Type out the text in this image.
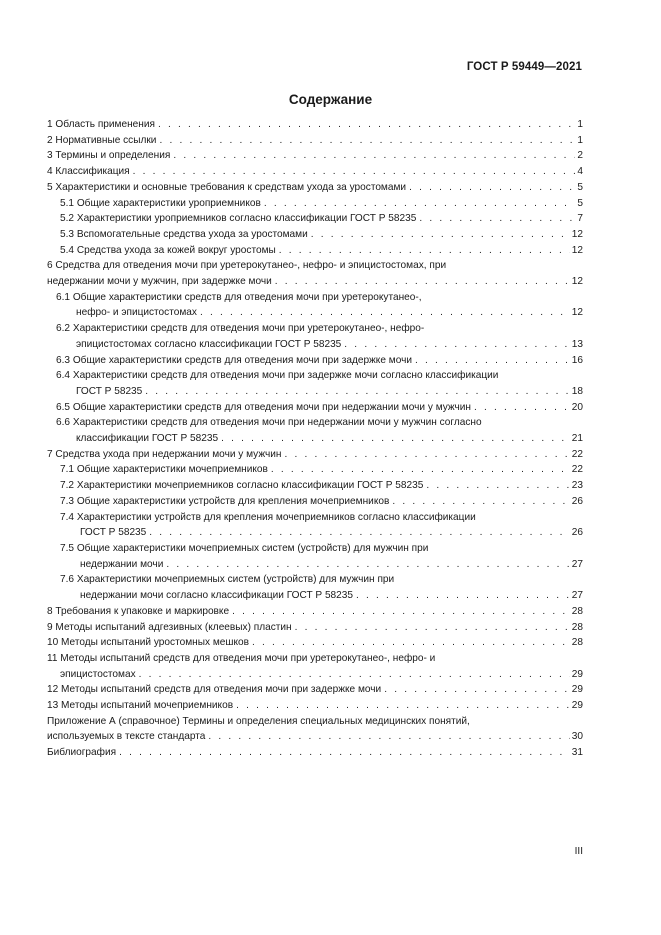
ГОСТ Р 59449—2021
Содержание
1 Область применения . . .	1
2 Нормативные ссылки . . .	1
3 Термины и определения . . .	2
4 Классификация . . .	4
5 Характеристики и основные требования к средствам ухода за уростомами . . .	5
5.1 Общие характеристики уроприемников . . .	5
5.2 Характеристики уроприемников согласно классификации ГОСТ Р 58235 . . .	7
5.3 Вспомогательные средства ухода за уростомами . . .	12
5.4 Средства ухода за кожей вокруг уростомы . . .	12
6 Средства для отведения мочи при уретерокутанео-, нефро- и эпицистостомах, при
недержании мочи у мужчин, при задержке мочи . . .	12
6.1 Общие характеристики средств для отведения мочи при уретерокутанео-,
нефро- и эпицистостомах . . .	12
6.2 Характеристики средств для отведения мочи при уретерокутанео-, нефро-
эпицистостомах согласно классификации ГОСТ Р 58235 . . .	13
6.3 Общие характеристики средств для отведения мочи при задержке мочи . . .	16
6.4 Характеристики средств для отведения мочи при задержке мочи согласно классификации
ГОСТ Р 58235 . . .	18
6.5 Общие характеристики средств для отведения мочи при недержании мочи у мужчин . . .	20
6.6 Характеристики средств для отведения мочи при недержании мочи у мужчин согласно
классификации ГОСТ Р 58235 . . .	21
7 Средства ухода при недержании мочи у мужчин . . .	22
7.1 Общие характеристики мочеприемников . . .	22
7.2 Характеристики мочеприемников согласно классификации ГОСТ Р 58235 . . .	23
7.3 Общие характеристики устройств для крепления мочеприемников . . .	26
7.4 Характеристики устройств для крепления мочеприемников согласно классификации
ГОСТ Р 58235 . . .	26
7.5 Общие характеристики мочеприемных систем (устройств) для мужчин при
недержании мочи . . .	27
7.6 Характеристики мочеприемных систем (устройств) для мужчин при
недержании мочи согласно классификации ГОСТ Р 58235 . . .	27
8 Требования к упаковке и маркировке . . .	28
9 Методы испытаний адгезивных (клеевых) пластин . . .	28
10 Методы испытаний уростомных мешков . . .	28
11 Методы испытаний средств для отведения мочи при уретерокутанео-, нефро- и
эпицистостомах . . .	29
12 Методы испытаний средств для отведения мочи при задержке мочи . . .	29
13 Методы испытаний мочеприемников . . .	29
Приложение А (справочное) Термины и определения специальных медицинских понятий,
используемых в тексте стандарта . . .	30
Библиография . . .	31
III
